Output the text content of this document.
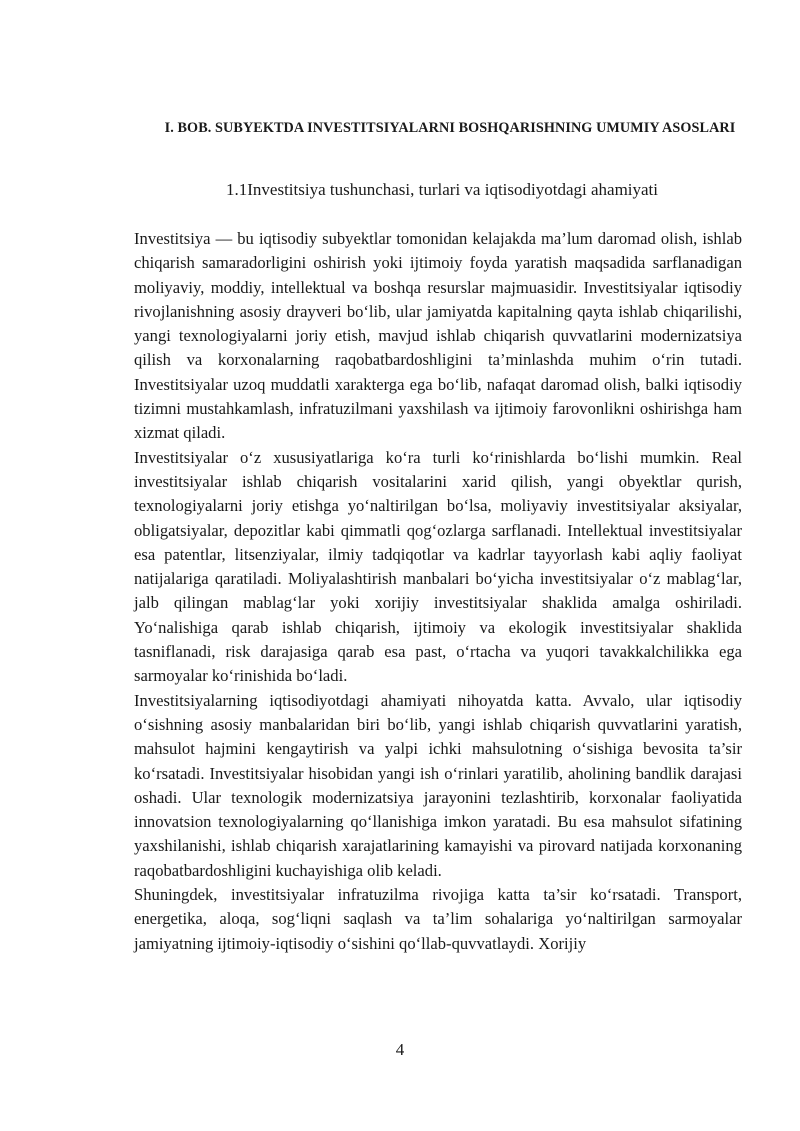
I. BOB. SUBYEKTDA INVESTITSIYALARNI BOSHQARISHNING UMUMIY ASOSLARI
1.1Investitsiya tushunchasi, turlari va iqtisodiyotdagi ahamiyati

Investitsiya — bu iqtisodiy subyektlar tomonidan kelajakda ma’lum daromad olish, ishlab chiqarish samaradorligini oshirish yoki ijtimoiy foyda yaratish maqsadida sarflanadigan moliyaviy, moddiy, intellektual va boshqa resurslar majmuasidir. Investitsiyalar iqtisodiy rivojlanishning asosiy drayveri bo‘lib, ular jamiyatda kapitalning qayta ishlab chiqarilishi, yangi texnologiyalarni joriy etish, mavjud ishlab chiqarish quvvatlarini modernizatsiya qilish va korxonalarning raqobatbardoshligini ta’minlashda muhim o‘rin tutadi. Investitsiyalar uzoq muddatli xarakterga ega bo‘lib, nafaqat daromad olish, balki iqtisodiy tizimni mustahkamlash, infratuzilmani yaxshilash va ijtimoiy farovonlikni oshirishga ham xizmat qiladi.

Investitsiyalar o‘z xususiyatlariga ko‘ra turli ko‘rinishlarda bo‘lishi mumkin. Real investitsiyalar ishlab chiqarish vositalarini xarid qilish, yangi obyektlar qurish, texnologiyalarni joriy etishga yo‘naltirilgan bo‘lsa, moliyaviy investitsiyalar aksiyalar, obligatsiyalar, depozitlar kabi qimmatli qog‘ozlarga sarflanadi. Intellektual investitsiyalar esa patentlar, litsenziyalar, ilmiy tadqiqotlar va kadrlar tayyorlash kabi aqliy faoliyat natijalariga qaratiladi. Moliyalashtirish manbalari bo‘yicha investitsiyalar o‘z mablag‘lar, jalb qilingan mablag‘lar yoki xorijiy investitsiyalar shaklida amalga oshiriladi. Yo‘nalishiga qarab ishlab chiqarish, ijtimoiy va ekologik investitsiyalar shaklida tasniflanadi, risk darajasiga qarab esa past, o‘rtacha va yuqori tavakkalchilikka ega sarmoyalar ko‘rinishida bo‘ladi.

Investitsiyalarning iqtisodiyotdagi ahamiyati nihoyatda katta. Avvalo, ular iqtisodiy o‘sishning asosiy manbalaridan biri bo‘lib, yangi ishlab chiqarish quvvatlarini yaratish, mahsulot hajmini kengaytirish va yalpi ichki mahsulotning o‘sishiga bevosita ta’sir ko‘rsatadi. Investitsiyalar hisobidan yangi ish o‘rinlari yaratilib, aholining bandlik darajasi oshadi. Ular texnologik modernizatsiya jarayonini tezlashtirib, korxonalar faoliyatida innovatsion texnologiyalarning qo‘llanishiga imkon yaratadi. Bu esa mahsulot sifatining yaxshilanishi, ishlab chiqarish xarajatlarining kamayishi va pirovard natijada korxonaning raqobatbardoshligini kuchayishiga olib keladi.

Shuningdek, investitsiyalar infratuzilma rivojiga katta ta’sir ko‘rsatadi. Transport, energetika, aloqa, sog‘liqni saqlash va ta’lim sohalariga yo‘naltirilgan sarmoyalar jamiyatning ijtimoiy-iqtisodiy o‘sishini qo‘llab-quvvatlaydi. Xorijiy

4
